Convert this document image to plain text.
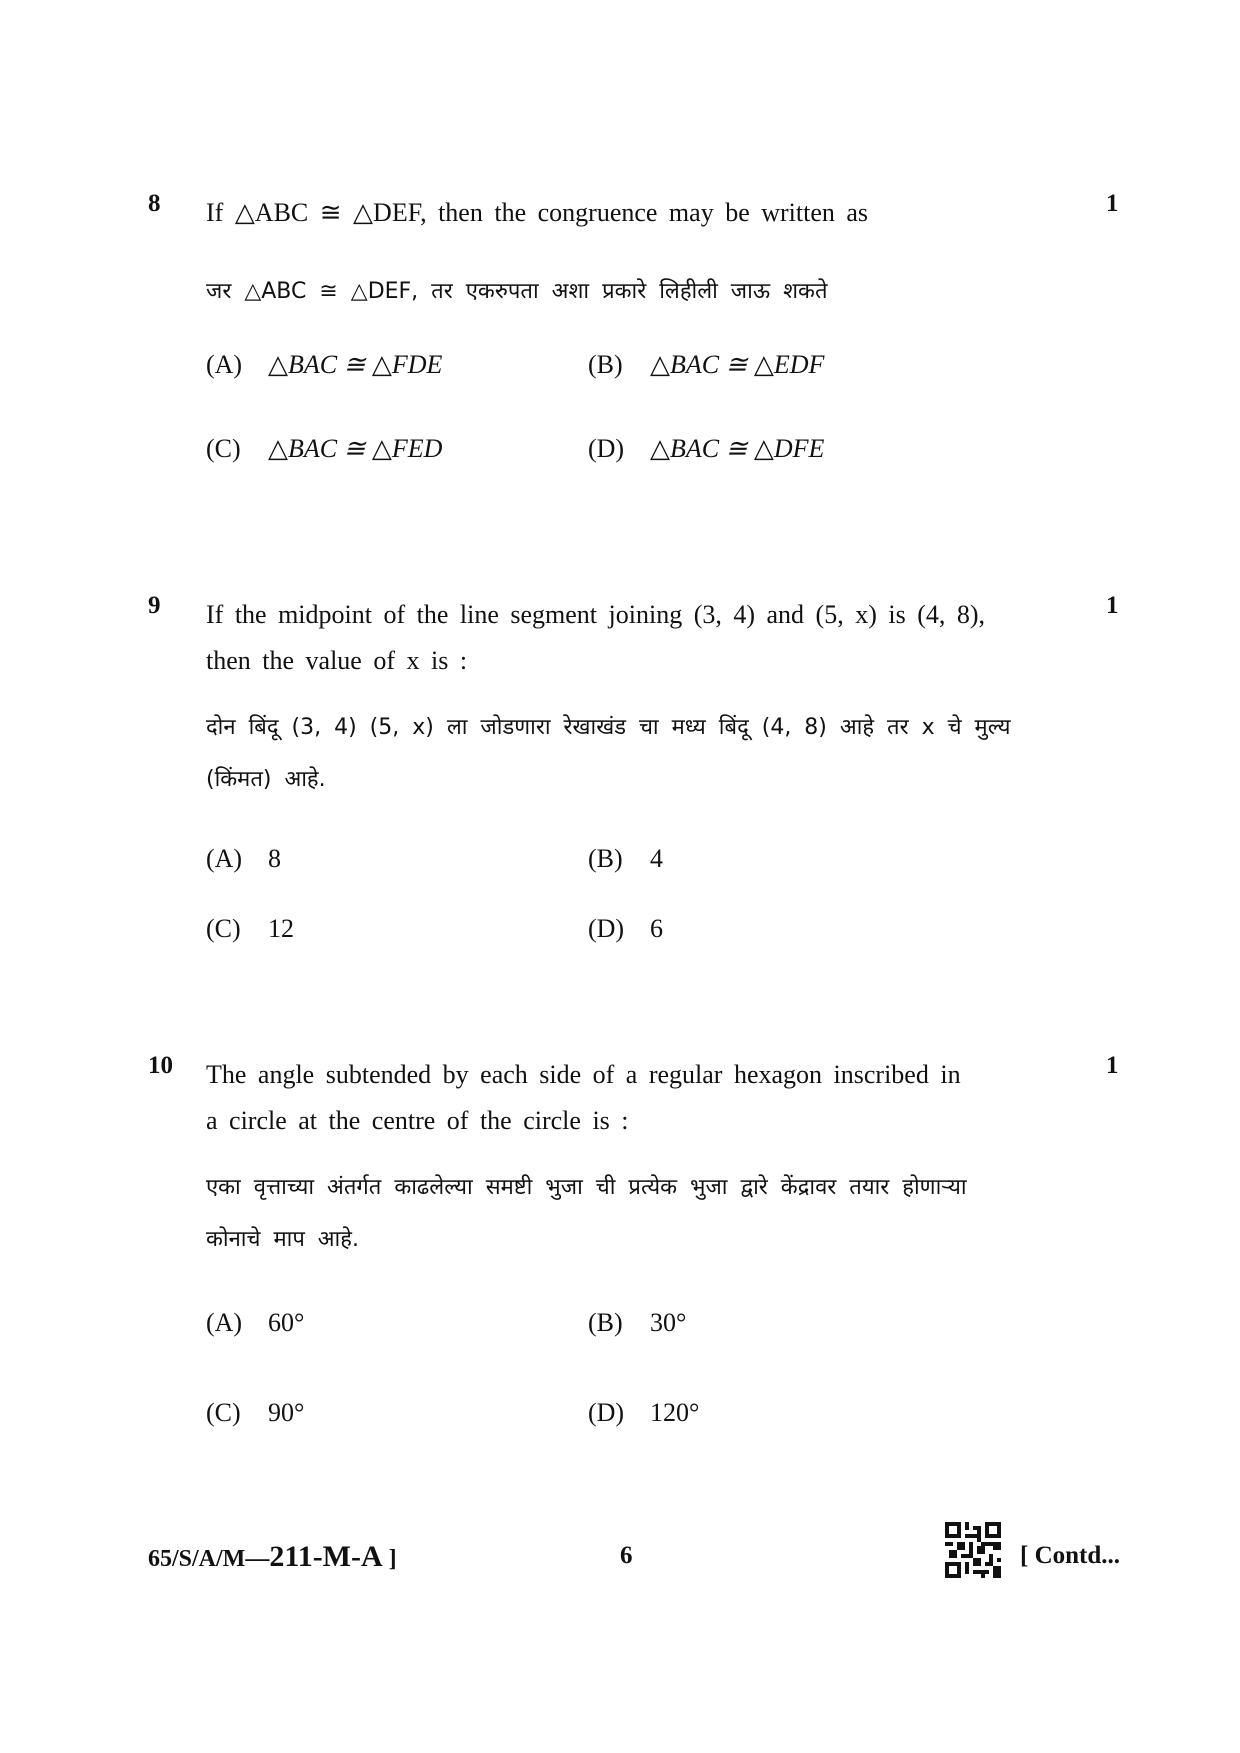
8 If △ABC ≅ △DEF, then the congruence may be written as	1

जर △ABC ≅ △DEF, तर एकरुपता अशा प्रकारे लिहीली जाऊ शकते

(A) △BAC ≅ △FDE	(B) △BAC ≅ △EDF
(C) △BAC ≅ △FED	(D) △BAC ≅ △DFE
9 If the midpoint of the line segment joining (3, 4) and (5, x) is (4, 8),
then the value of x is :

1

दोन बिंदू (3, 4) (5, x) ला जोडणारा रेखाखंड चा मध्य बिंदू (4, 8) आहे तर x चे मुल्य
(किंमत) आहे.

(A) 8	(B) 4
(C) 12	(D) 6
10 The angle subtended by each side of a regular hexagon inscribed in
a circle at the centre of the circle is :

1

एका वृत्ताच्या अंतर्गत काढलेल्या समष्टी भुजा ची प्रत्येक भुजा द्वारे केंद्रावर तयार होणाऱ्या
कोनाचे माप आहे.

(A) 60°	(B) 30°
(C) 90°	(D) 120°
65/S/A/M—211-M-A ]	6	[ Contd...
